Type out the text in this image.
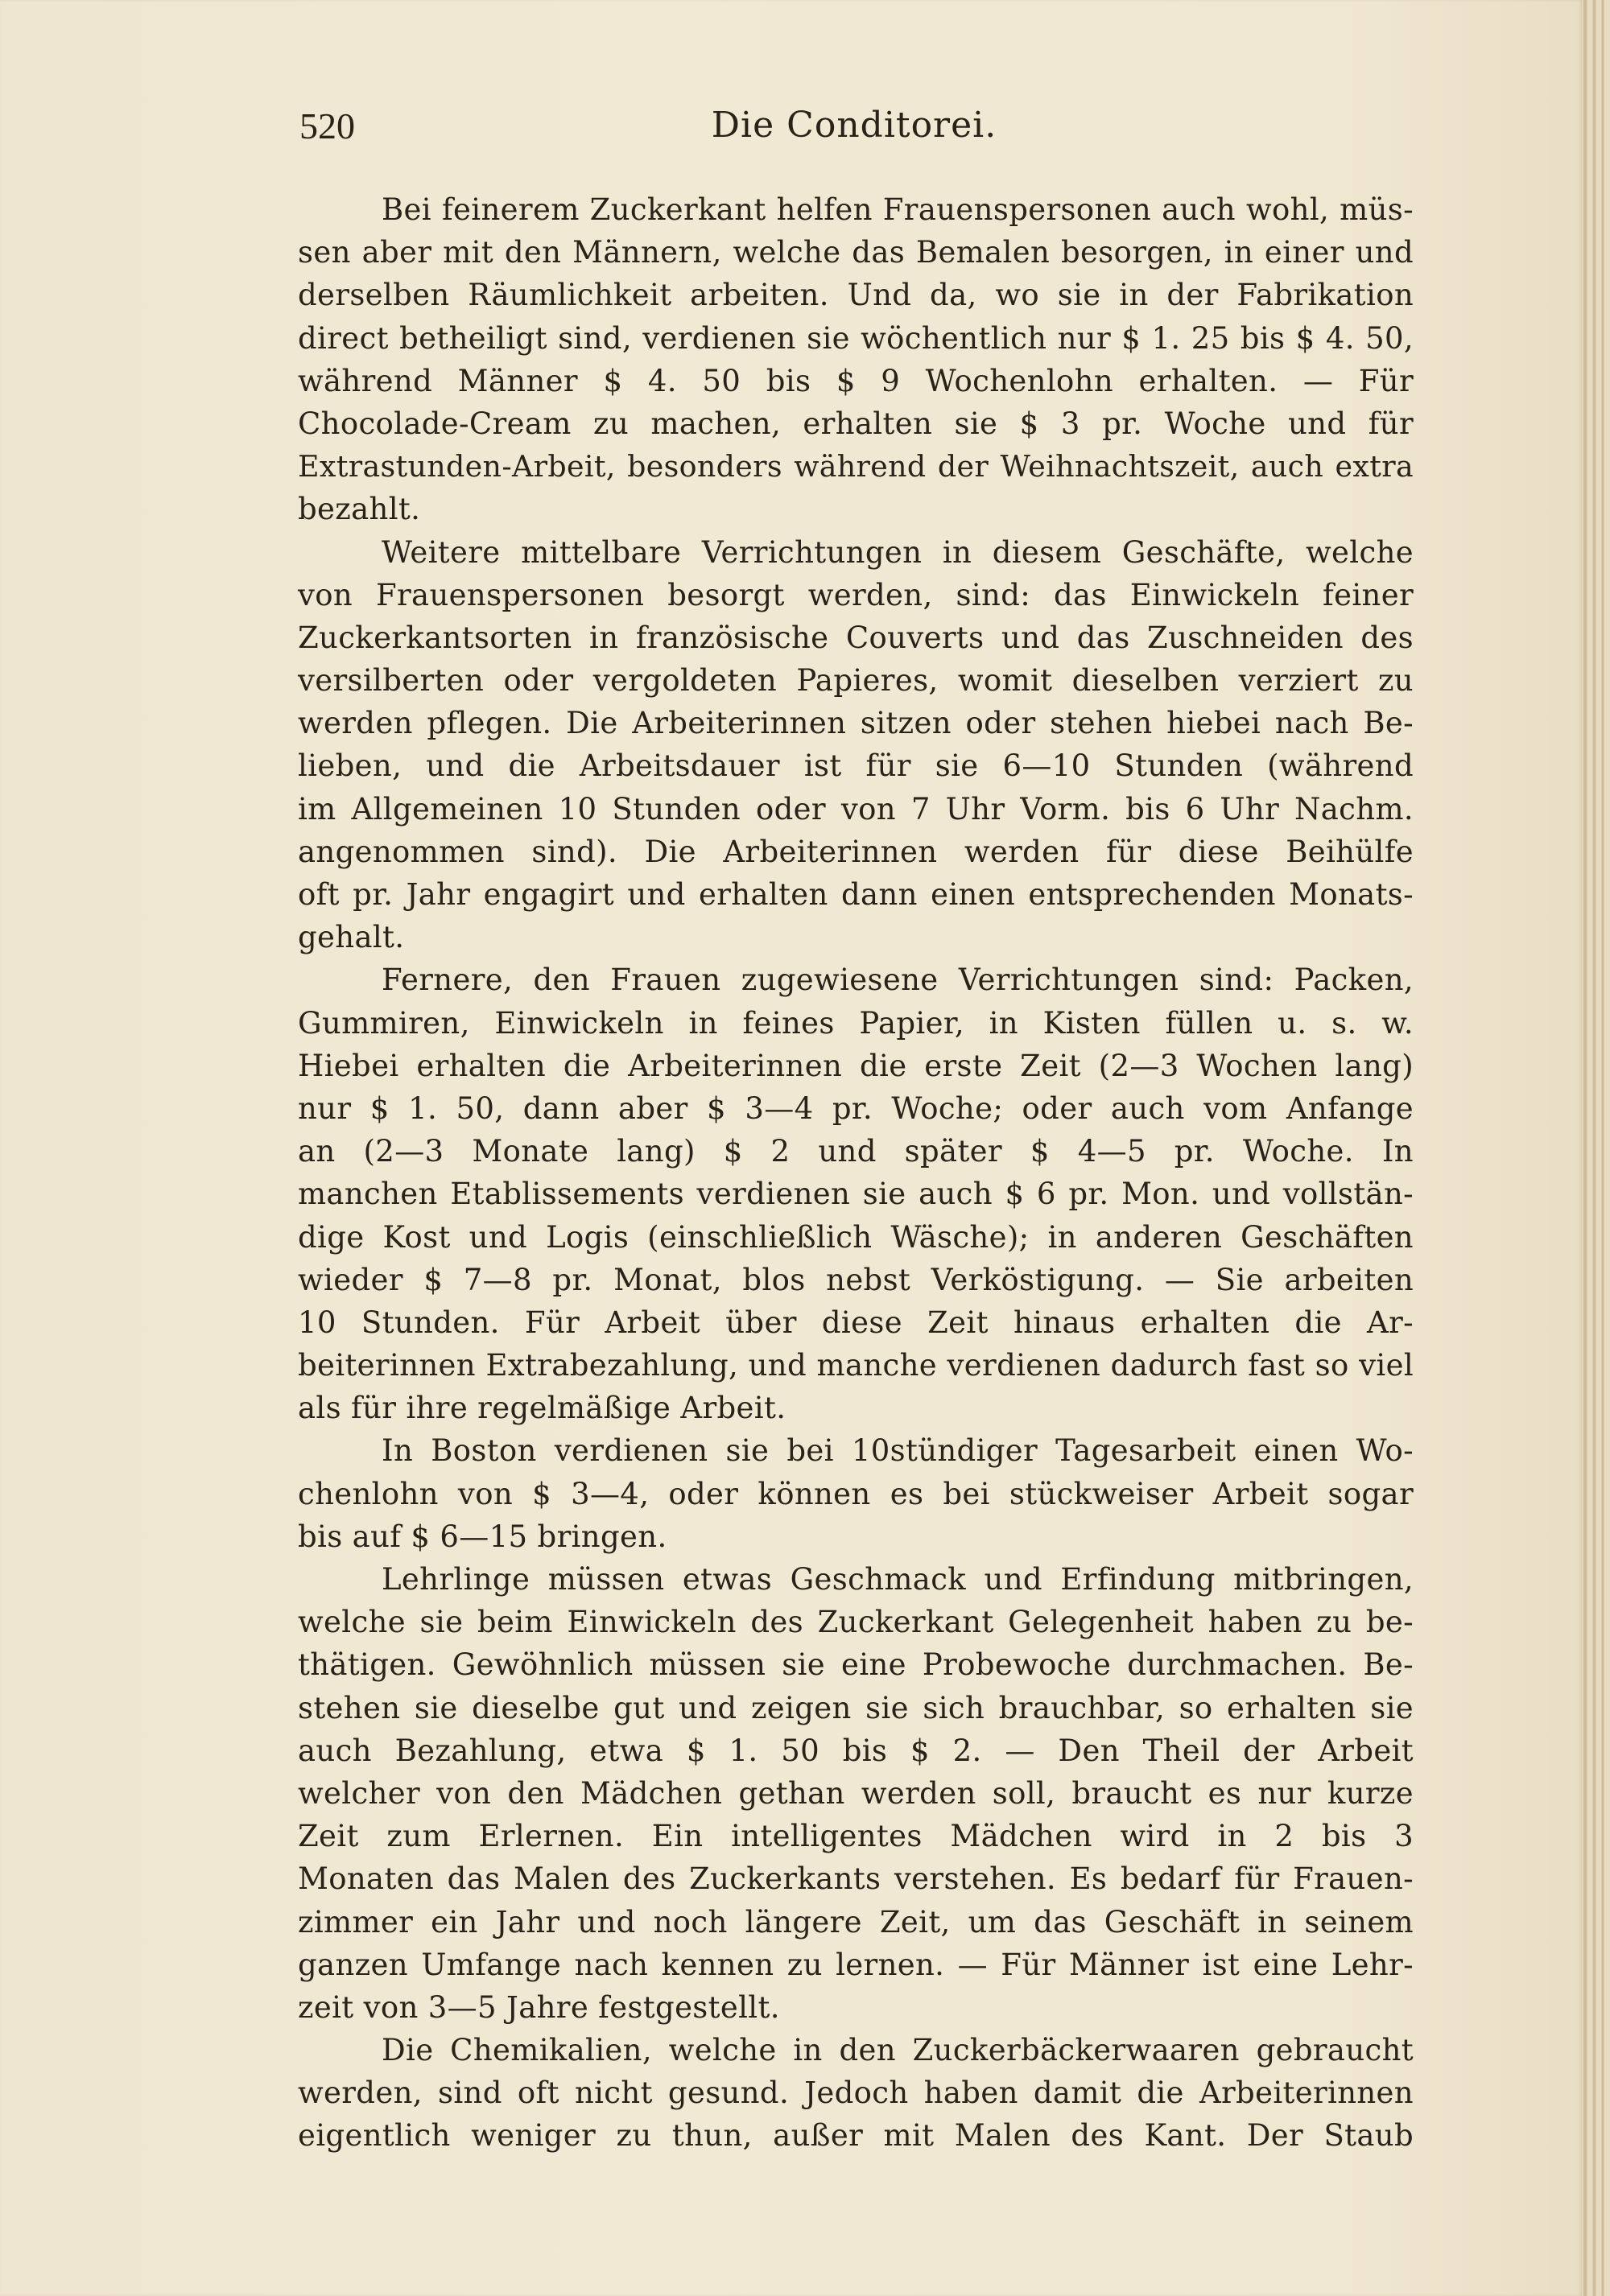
520	Die Conditorei.
Bei feinerem Zuckerkant helfen Frauenspersonen auch wohl, müs-
sen aber mit den Männern, welche das Bemalen besorgen, in einer und
derselben Räumlichkeit arbeiten. Und da, wo sie in der Fabrikation
direct betheiligt sind, verdienen sie wöchentlich nur $ 1. 25 bis $ 4. 50,
während Männer $ 4. 50 bis $ 9 Wochenlohn erhalten. — Für
Chocolade-Cream zu machen, erhalten sie $ 3 pr. Woche und für
Extrastunden-Arbeit, besonders während der Weihnachtszeit, auch extra
bezahlt.
Weitere mittelbare Verrichtungen in diesem Geschäfte, welche
von Frauenspersonen besorgt werden, sind: das Einwickeln feiner
Zuckerkantsorten in französische Couverts und das Zuschneiden des
versilberten oder vergoldeten Papieres, womit dieselben verziert zu
werden pflegen. Die Arbeiterinnen sitzen oder stehen hiebei nach Be-
lieben, und die Arbeitsdauer ist für sie 6—10 Stunden (während
im Allgemeinen 10 Stunden oder von 7 Uhr Vorm. bis 6 Uhr Nachm.
angenommen sind). Die Arbeiterinnen werden für diese Beihülfe
oft pr. Jahr engagirt und erhalten dann einen entsprechenden Monats-
gehalt.
Fernere, den Frauen zugewiesene Verrichtungen sind: Packen,
Gummiren, Einwickeln in feines Papier, in Kisten füllen u. s. w.
Hiebei erhalten die Arbeiterinnen die erste Zeit (2—3 Wochen lang)
nur $ 1. 50, dann aber $ 3—4 pr. Woche; oder auch vom Anfange
an (2—3 Monate lang) $ 2 und später $ 4—5 pr. Woche. In
manchen Etablissements verdienen sie auch $ 6 pr. Mon. und vollstän-
dige Kost und Logis (einschließlich Wäsche); in anderen Geschäften
wieder $ 7—8 pr. Monat, blos nebst Verköstigung. — Sie arbeiten
10 Stunden. Für Arbeit über diese Zeit hinaus erhalten die Ar-
beiterinnen Extrabezahlung, und manche verdienen dadurch fast so viel
als für ihre regelmäßige Arbeit.
In Boston verdienen sie bei 10stündiger Tagesarbeit einen Wo-
chenlohn von $ 3—4, oder können es bei stückweiser Arbeit sogar
bis auf $ 6—15 bringen.
Lehrlinge müssen etwas Geschmack und Erfindung mitbringen,
welche sie beim Einwickeln des Zuckerkant Gelegenheit haben zu be-
thätigen. Gewöhnlich müssen sie eine Probewoche durchmachen. Be-
stehen sie dieselbe gut und zeigen sie sich brauchbar, so erhalten sie
auch Bezahlung, etwa $ 1. 50 bis $ 2. — Den Theil der Arbeit
welcher von den Mädchen gethan werden soll, braucht es nur kurze
Zeit zum Erlernen. Ein intelligentes Mädchen wird in 2 bis 3
Monaten das Malen des Zuckerkants verstehen. Es bedarf für Frauen-
zimmer ein Jahr und noch längere Zeit, um das Geschäft in seinem
ganzen Umfange nach kennen zu lernen. — Für Männer ist eine Lehr-
zeit von 3—5 Jahre festgestellt.
Die Chemikalien, welche in den Zuckerbäckerwaaren gebraucht
werden, sind oft nicht gesund. Jedoch haben damit die Arbeiterinnen
eigentlich weniger zu thun, außer mit Malen des Kant. Der Staub
